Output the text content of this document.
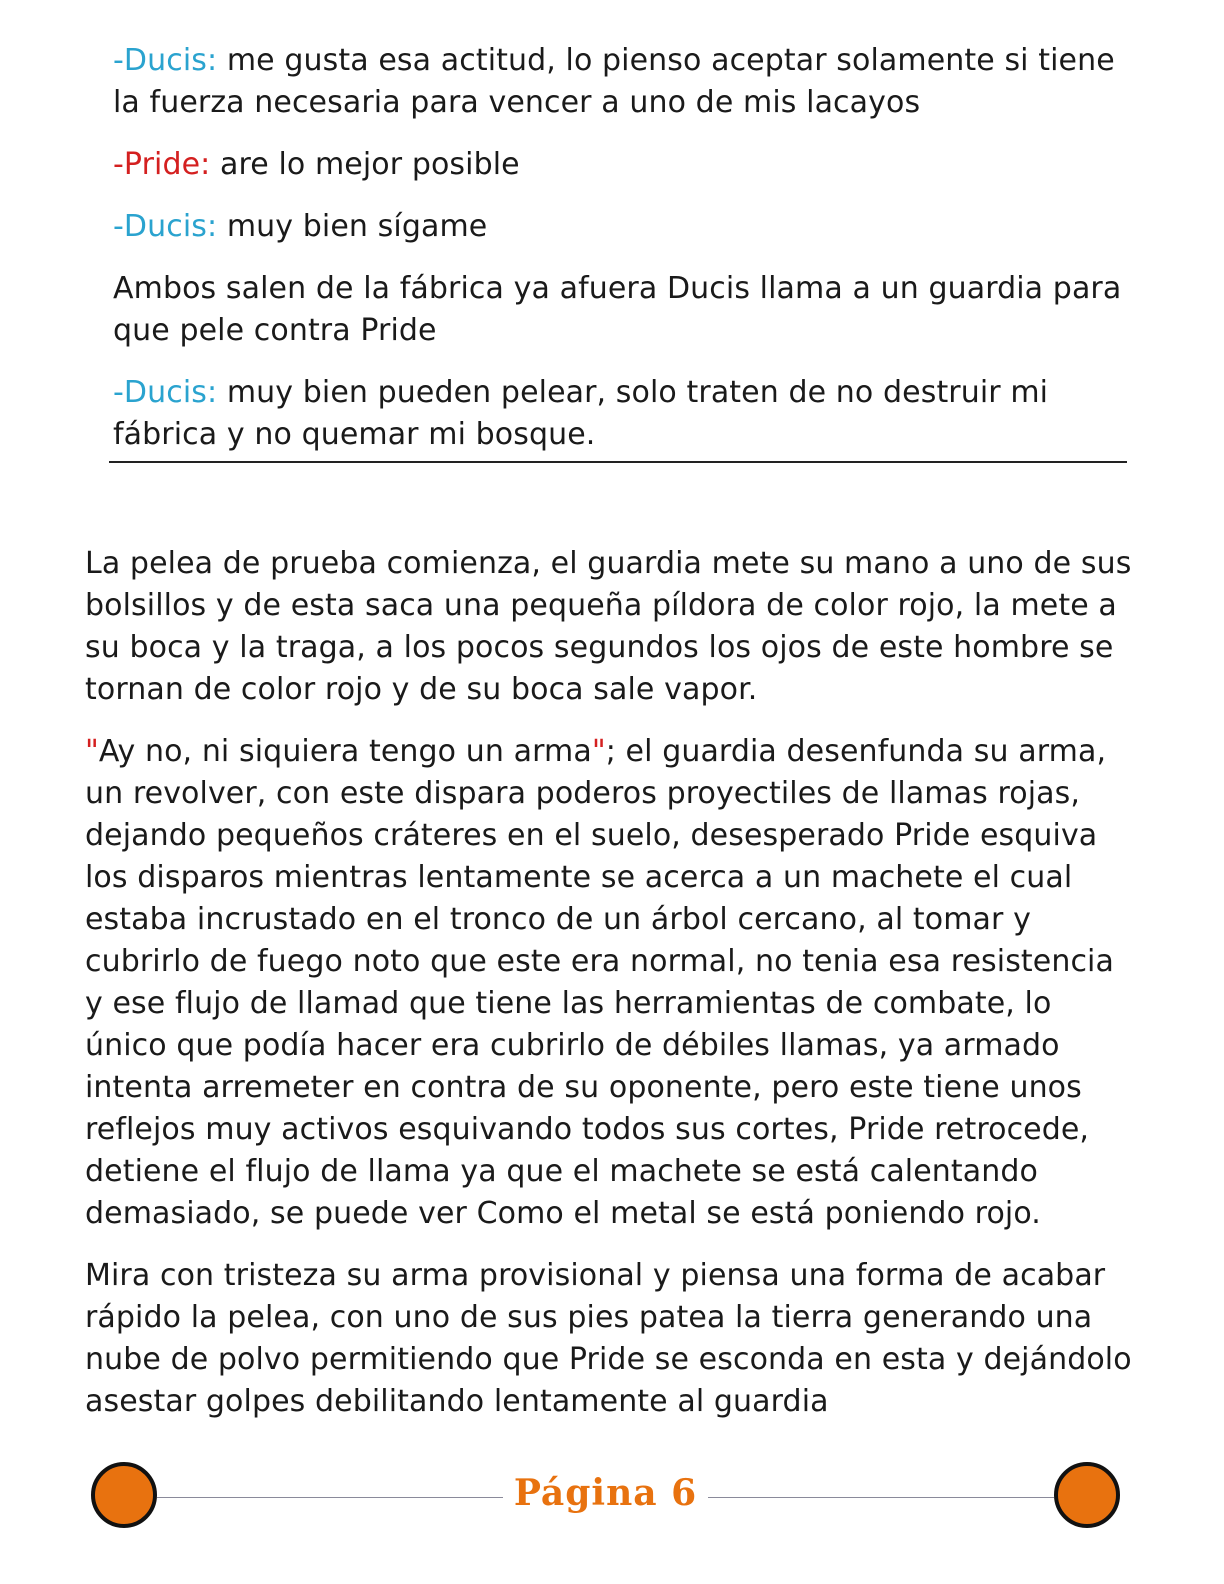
-Ducis: me gusta esa actitud, lo pienso aceptar solamente si tiene la fuerza necesaria para vencer a uno de mis lacayos

-Pride: are lo mejor posible

-Ducis: muy bien sígame

Ambos salen de la fábrica ya afuera Ducis llama a un guardia para que pele contra Pride

-Ducis: muy bien pueden pelear, solo traten de no destruir mi fábrica y no quemar mi bosque.

La pelea de prueba comienza, el guardia mete su mano a uno de sus bolsillos y de esta saca una pequeña píldora de color rojo, la mete a su boca y la traga, a los pocos segundos los ojos de este hombre se tornan de color rojo y de su boca sale vapor.

"Ay no, ni siquiera tengo un arma"; el guardia desenfunda su arma, un revolver, con este dispara poderos proyectiles de llamas rojas, dejando pequeños cráteres en el suelo, desesperado Pride esquiva los disparos mientras lentamente se acerca a un machete el cual estaba incrustado en el tronco de un árbol cercano, al tomar y cubrirlo de fuego noto que este era normal, no tenia esa resistencia y ese flujo de llamad que tiene las herramientas de combate, lo único que podía hacer era cubrirlo de débiles llamas, ya armado intenta arremeter en contra de su oponente, pero este tiene unos reflejos muy activos esquivando todos sus cortes, Pride retrocede, detiene el flujo de llama ya que el machete se está calentando demasiado, se puede ver Como el metal se está poniendo rojo.

Mira con tristeza su arma provisional y piensa una forma de acabar rápido la pelea, con uno de sus pies patea la tierra generando una nube de polvo permitiendo que Pride se esconda en esta y dejándolo asestar golpes debilitando lentamente al guardia

Página 6
